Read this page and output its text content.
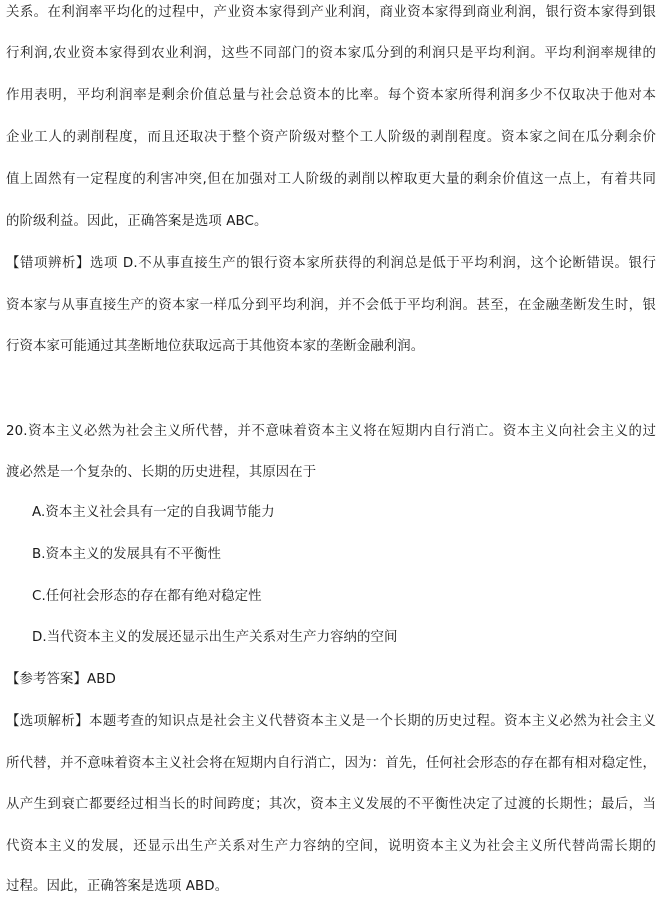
关系。在利润率平均化的过程中，产业资本家得到产业利润，商业资本家得到商业利润，银行资本家得到银
行利润,农业资本家得到农业利润，这些不同部门的资本家瓜分到的利润只是平均利润。平均利润率规律的
作用表明，平均利润率是剩余价值总量与社会总资本的比率。每个资本家所得利润多少不仅取决于他对本
企业工人的剥削程度，而且还取决于整个资产阶级对整个工人阶级的剥削程度。资本家之间在瓜分剩余价
值上固然有一定程度的利害冲突,但在加强对工人阶级的剥削以榨取更大量的剩余价值这一点上，有着共同
的阶级利益。因此，正确答案是选项 ABC。
【错项辨析】选项 D.不从事直接生产的银行资本家所获得的利润总是低于平均利润，这个论断错误。银行
资本家与从事直接生产的资本家一样瓜分到平均利润，并不会低于平均利润。甚至，在金融垄断发生时，银
行资本家可能通过其垄断地位获取远高于其他资本家的垄断金融利润。
20.资本主义必然为社会主义所代替，并不意味着资本主义将在短期内自行消亡。资本主义向社会主义的过
渡必然是一个复杂的、长期的历史进程，其原因在于
A.资本主义社会具有一定的自我调节能力
B.资本主义的发展具有不平衡性
C.任何社会形态的存在都有绝对稳定性
D.当代资本主义的发展还显示出生产关系对生产力容纳的空间
【参考答案】ABD
【选项解析】本题考查的知识点是社会主义代替资本主义是一个长期的历史过程。资本主义必然为社会主义
所代替，并不意味着资本主义社会将在短期内自行消亡，因为：首先，任何社会形态的存在都有相对稳定性，
从产生到衰亡都要经过相当长的时间跨度；其次，资本主义发展的不平衡性决定了过渡的长期性；最后，当
代资本主义的发展，还显示出生产关系对生产力容纳的空间，说明资本主义为社会主义所代替尚需长期的
过程。因此，正确答案是选项 ABD。
